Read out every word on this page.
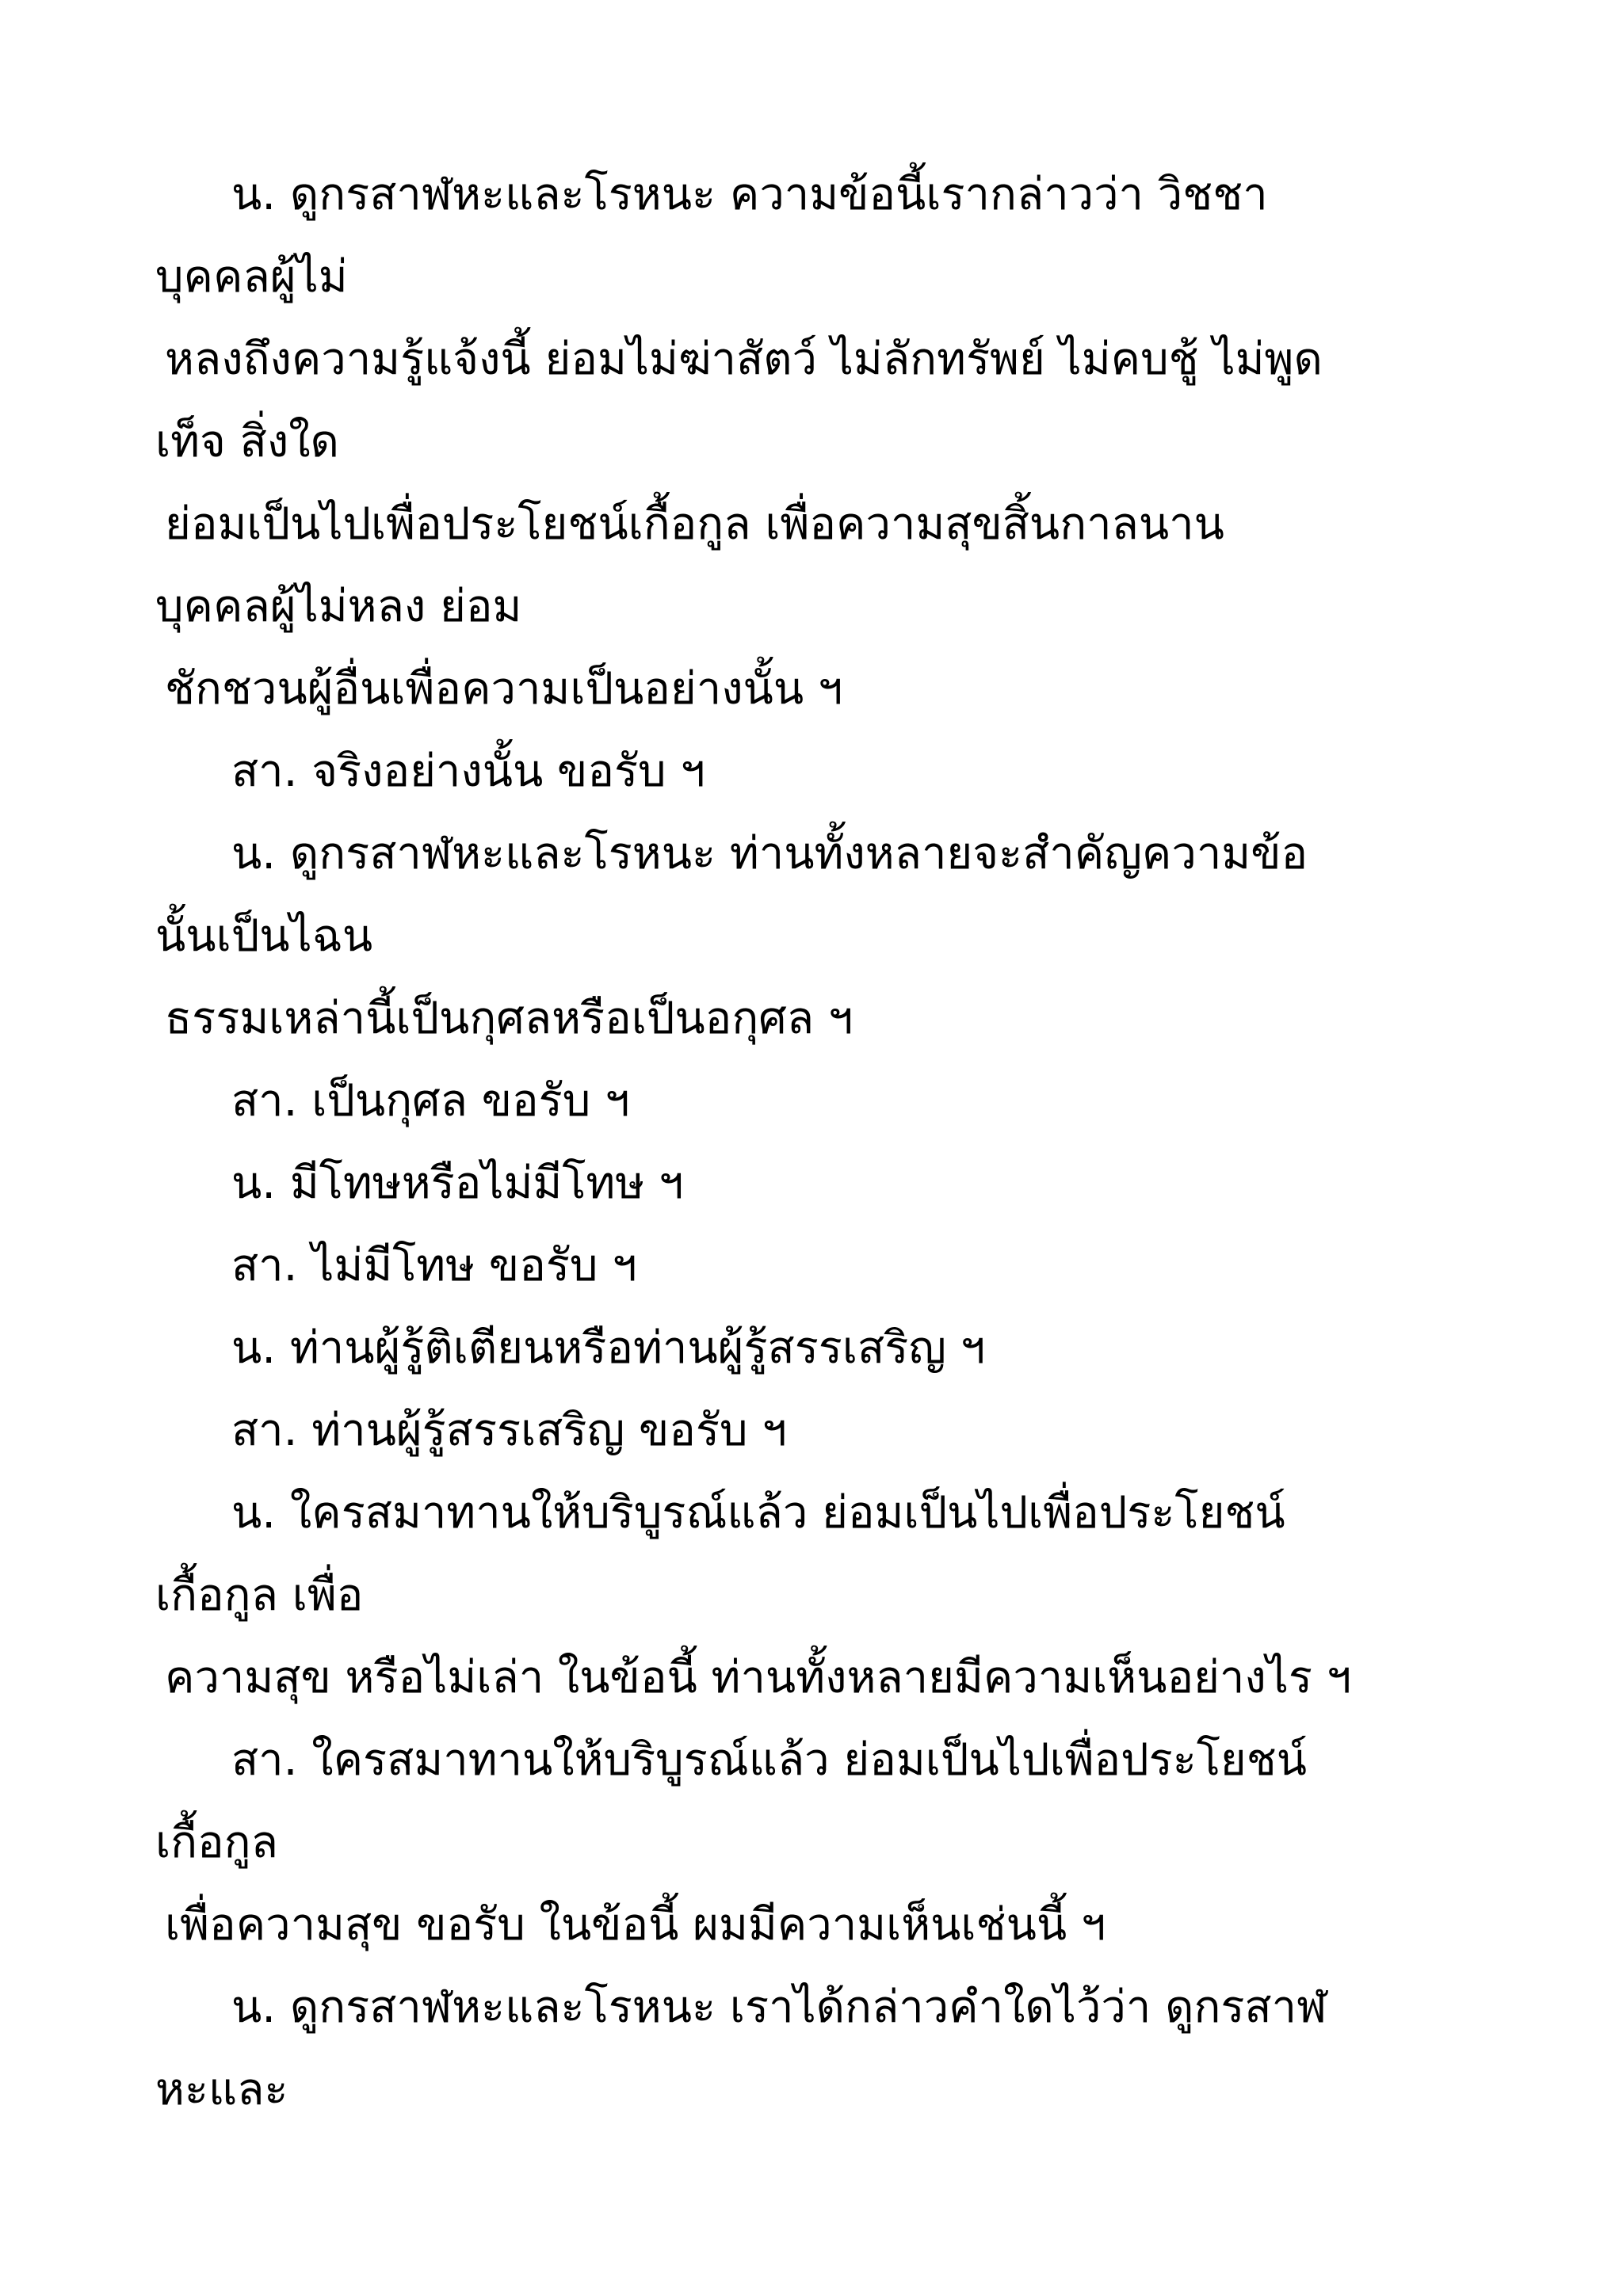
น. ดูกรสาฬหะและโรหนะ ความข้อนี้เรากล่าวว่า วิชชา

บุคคลผู้ไม่

หลงถึงความรู้แจ้งนี้ ย่อมไม่ฆ่าสัตว์ ไม่ลักทรัพย์ ไม่คบชู้ ไม่พูด

เท็จ สิ่งใด

ย่อมเป็นไปเพื่อประโยชน์เกื้อกูล เพื่อความสุขสิ้นกาลนาน

บุคคลผู้ไม่หลง ย่อม

ชักชวนผู้อื่นเพื่อความเป็นอย่างนั้น ฯ

สา. จริงอย่างนั้น ขอรับ ฯ

น. ดูกรสาฬหะและโรหนะ ท่านทั้งหลายจะสำคัญความข้อ

นั้นเป็นไฉน

ธรรมเหล่านี้เป็นกุศลหรือเป็นอกุศล ฯ

สา. เป็นกุศล ขอรับ ฯ

น. มีโทษหรือไม่มีโทษ ฯ

สา. ไม่มีโทษ ขอรับ ฯ

น. ท่านผู้รู้ติเตียนหรือท่านผู้รู้สรรเสริญ ฯ

สา. ท่านผู้รู้สรรเสริญ ขอรับ ฯ

น. ใครสมาทานให้บริบูรณ์แล้ว ย่อมเป็นไปเพื่อประโยชน์

เกื้อกูล เพื่อ

ความสุข หรือไม่เล่า ในข้อนี้ ท่านทั้งหลายมีความเห็นอย่างไร ฯ

สา. ใครสมาทานให้บริบูรณ์แล้ว ย่อมเป็นไปเพื่อประโยชน์

เกื้อกูล

เพื่อความสุข ขอรับ ในข้อนี้ ผมมีความเห็นเช่นนี้ ฯ

น. ดูกรสาฬหะและโรหนะ เราได้กล่าวคำใดไว้ว่า ดูกรสาฬ

หะและ
